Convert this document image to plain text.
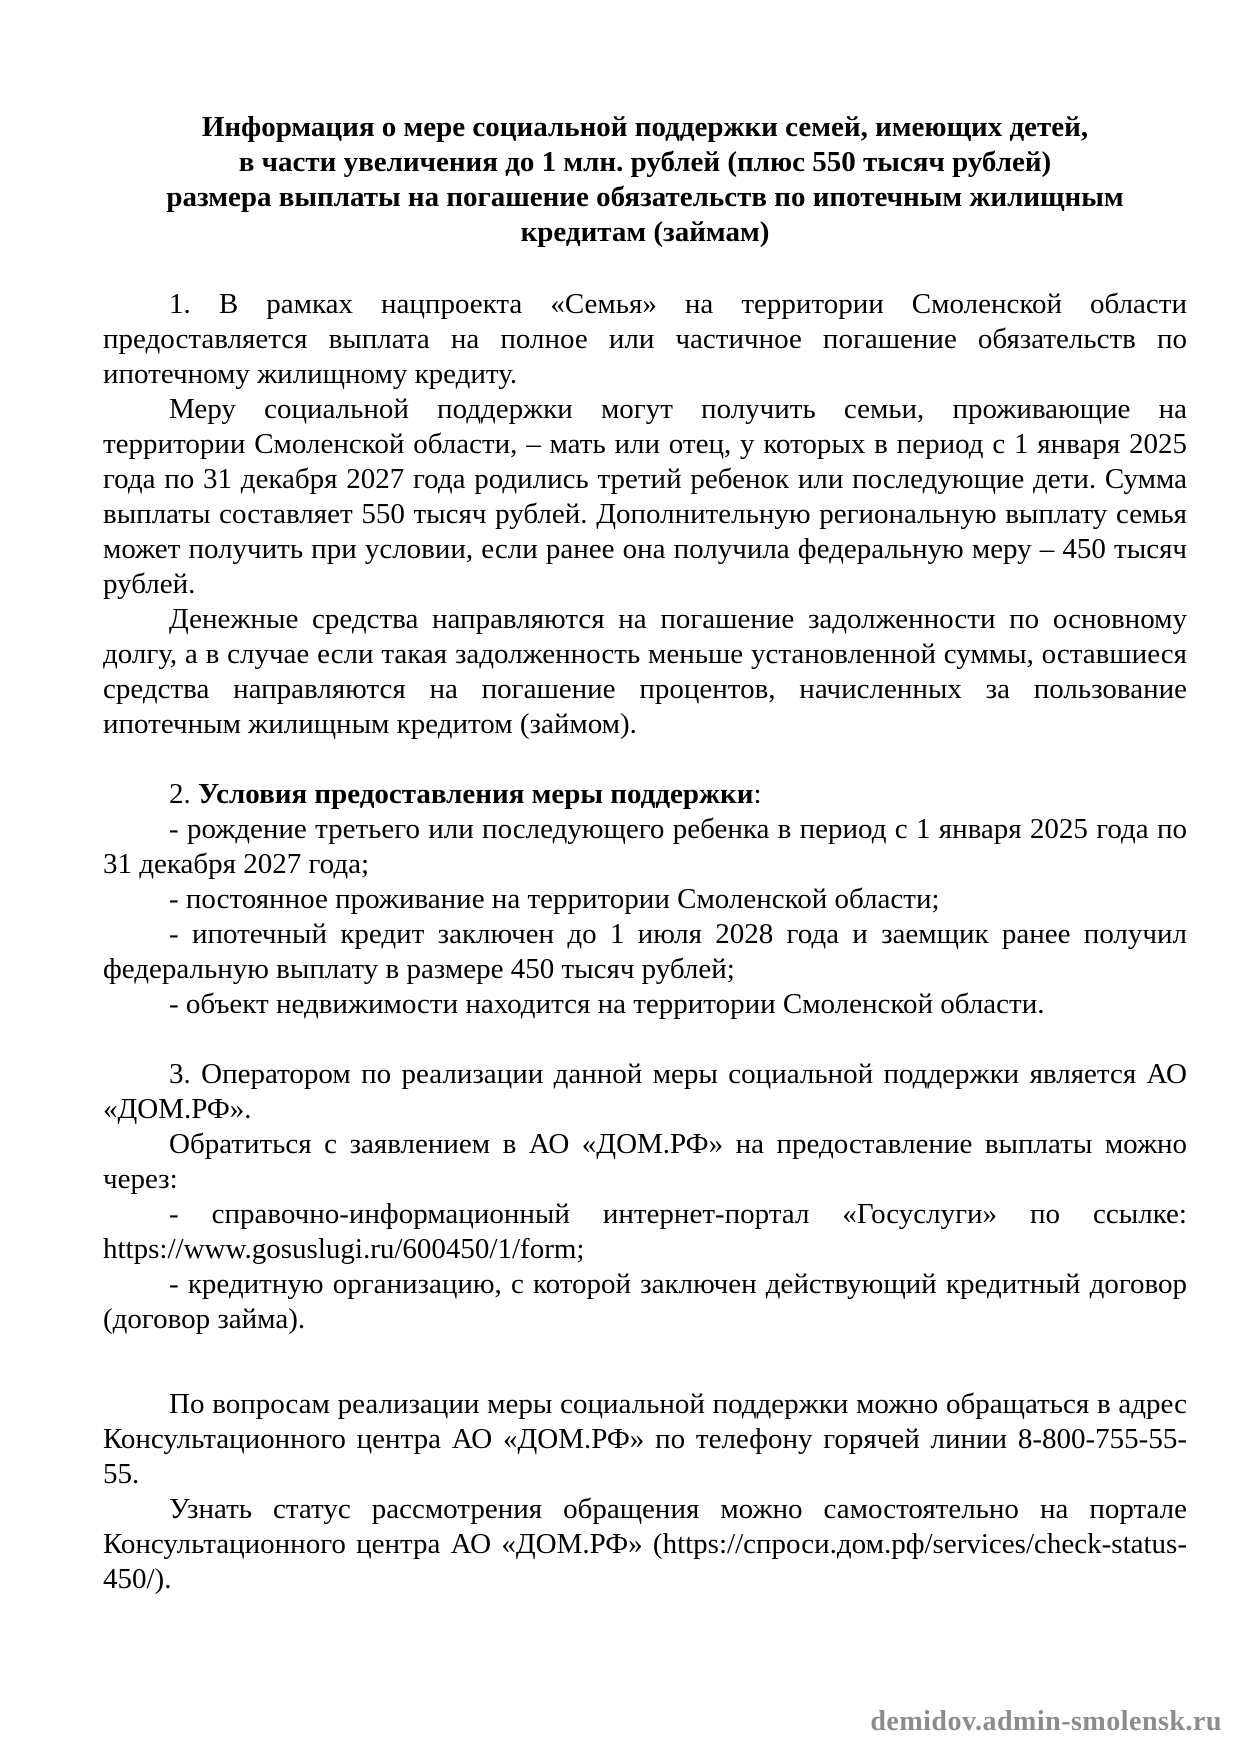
Информация о мере социальной поддержки семей, имеющих детей,
в части увеличения до 1 млн. рублей (плюс 550 тысяч рублей)
размера выплаты на погашение обязательств по ипотечным жилищным
кредитам (займам)

1. В рамках нацпроекта «Семья» на территории Смоленской области предоставляется выплата на полное или частичное погашение обязательств по ипотечному жилищному кредиту.

Меру социальной поддержки могут получить семьи, проживающие на территории Смоленской области, – мать или отец, у которых в период с 1 января 2025 года по 31 декабря 2027 года родились третий ребенок или последующие дети. Сумма выплаты составляет 550 тысяч рублей. Дополнительную региональную выплату семья может получить при условии, если ранее она получила федеральную меру – 450 тысяч рублей.

Денежные средства направляются на погашение задолженности по основному долгу, а в случае если такая задолженность меньше установленной суммы, оставшиеся средства направляются на погашение процентов, начисленных за пользование ипотечным жилищным кредитом (займом).

2. Условия предоставления меры поддержки:

- рождение третьего или последующего ребенка в период с 1 января 2025 года по 31 декабря 2027 года;

- постоянное проживание на территории Смоленской области;

- ипотечный кредит заключен до 1 июля 2028 года и заемщик ранее получил федеральную выплату в размере 450 тысяч рублей;

- объект недвижимости находится на территории Смоленской области.

3. Оператором по реализации данной меры социальной поддержки является АО «ДОМ.РФ».

Обратиться с заявлением в АО «ДОМ.РФ» на предоставление выплаты можно через:

- справочно-информационный интернет-портал «Госуслуги» по ссылке: https://www.gosuslugi.ru/600450/1/form;

- кредитную организацию, с которой заключен действующий кредитный договор (договор займа).

По вопросам реализации меры социальной поддержки можно обращаться в адрес Консультационного центра АО «ДОМ.РФ» по телефону горячей линии 8-800-755-55-55.

Узнать статус рассмотрения обращения можно самостоятельно на портале Консультационного центра АО «ДОМ.РФ» (https://спроси.дом.рф/services/check-status-450/).

demidov.admin-smolensk.ru
